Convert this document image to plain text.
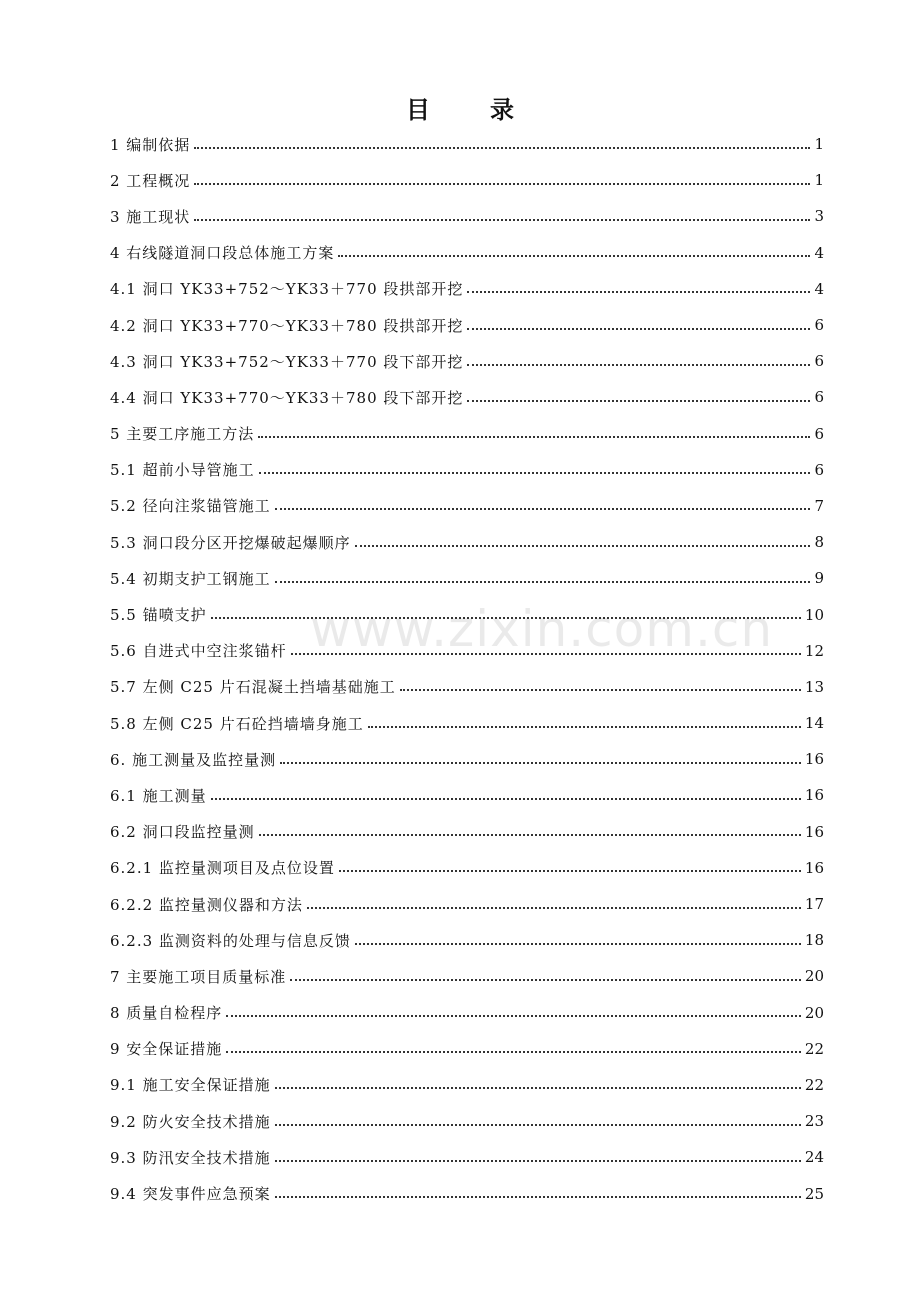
目　录
1 编制依据	1
2 工程概况	1
3 施工现状	3
4 右线隧道洞口段总体施工方案	4
4.1 洞口 YK33+752～YK33＋770 段拱部开挖	4
4.2 洞口 YK33+770～YK33＋780 段拱部开挖	6
4.3 洞口 YK33+752～YK33＋770 段下部开挖	6
4.4 洞口 YK33+770～YK33＋780 段下部开挖	6
5 主要工序施工方法	6
5.1 超前小导管施工	6
5.2 径向注浆锚管施工	7
5.3 洞口段分区开挖爆破起爆顺序	8
5.4 初期支护工钢施工	9
5.5 锚喷支护	10
5.6 自进式中空注浆锚杆	12
5.7 左侧 C25 片石混凝土挡墙基础施工	13
5.8 左侧 C25 片石砼挡墙墙身施工	14
6. 施工测量及监控量测	16
6.1 施工测量	16
6.2 洞口段监控量测	16
6.2.1 监控量测项目及点位设置	16
6.2.2 监控量测仪器和方法	17
6.2.3 监测资料的处理与信息反馈	18
7 主要施工项目质量标准	20
8 质量自检程序	20
9 安全保证措施	22
9.1 施工安全保证措施	22
9.2 防火安全技术措施	23
9.3 防汛安全技术措施	24
9.4 突发事件应急预案	25
www.zixin.com.cn
